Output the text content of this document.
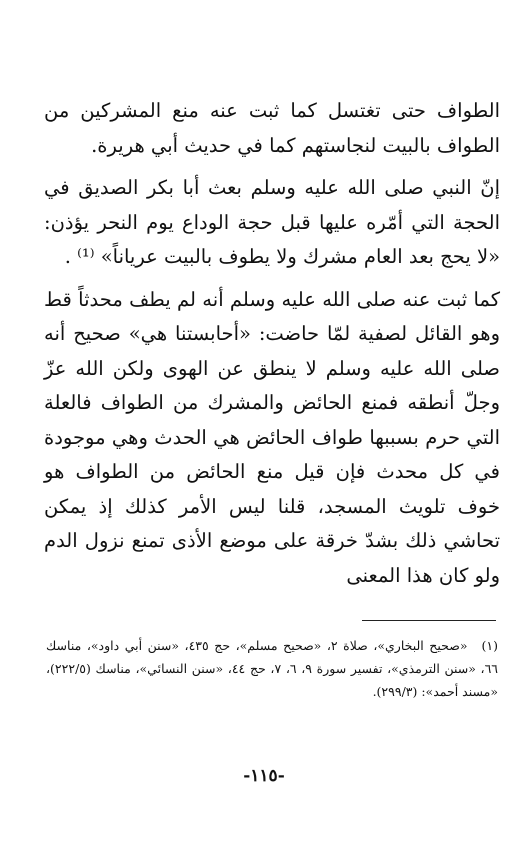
الطواف حتى تغتسل كما ثبت عنه منع المشركين من الطواف بالبيت لنجاستهم كما في حديث أبي هريرة.

إنّ النبي صلى الله عليه وسلم بعث أبا بكر الصديق في الحجة التي أمّره عليها قبل حجة الوداع يوم النحر يؤذن: «لا يحج بعد العام مشرك ولا يطوف بالبيت عرياناً» ⁽¹⁾ .

كما ثبت عنه صلى الله عليه وسلم أنه لم يطف محدثاً قط وهو القائل لصفية لمّا حاضت: «أحابستنا هي» صحيح أنه صلى الله عليه وسلم لا ينطق عن الهوى ولكن الله عزّ وجلّ أنطقه فمنع الحائض والمشرك من الطواف فالعلة التي حرم بسببها طواف الحائض هي الحدث وهي موجودة في كل محدث فإن قيل منع الحائض من الطواف هو خوف تلويث المسجد، قلنا ليس الأمر كذلك إذ يمكن تحاشي ذلك بشدّ خرقة على موضع الأذى تمنع نزول الدم ولو كان هذا المعنى

(١)«صحيح البخاري»، صلاة ٢، «صحيح مسلم»، حج ٤٣٥، «سنن أبي داود»، مناسك ٦٦، «سنن الترمذي»، تفسير سورة ٩، ٦، ٧، حج ٤٤، «سنن النسائي»، مناسك (٢٢٢/٥)، «مسند أحمد»: (٢٩٩/٣).
-١١٥-
